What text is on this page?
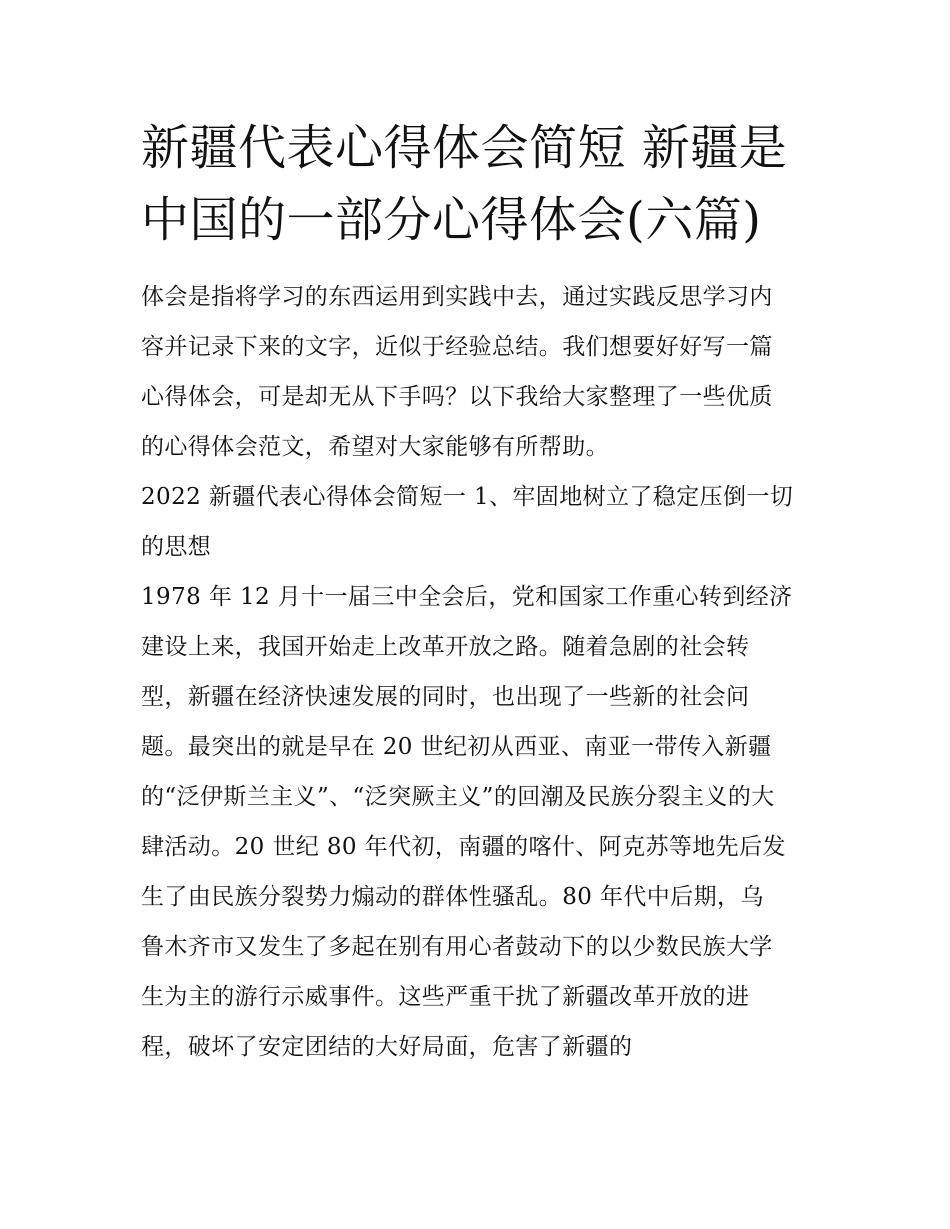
新疆代表心得体会简短 新疆是
中国的一部分心得体会(六篇)

体会是指将学习的东西运用到实践中去，通过实践反思学习内
容并记录下来的文字，近似于经验总结。我们想要好好写一篇
心得体会，可是却无从下手吗？以下我给大家整理了一些优质
的心得体会范文，希望对大家能够有所帮助。

2022 新疆代表心得体会简短一 1、牢固地树立了稳定压倒一切
的思想

1978 年 12 月十一届三中全会后，党和国家工作重心转到经济
建设上来，我国开始走上改革开放之路。随着急剧的社会转
型，新疆在经济快速发展的同时，也出现了一些新的社会问
题。最突出的就是早在 20 世纪初从西亚、南亚一带传入新疆
的“泛伊斯兰主义”、“泛突厥主义”的回潮及民族分裂主义的大
肆活动。20 世纪 80 年代初，南疆的喀什、阿克苏等地先后发
生了由民族分裂势力煽动的群体性骚乱。80 年代中后期，乌
鲁木齐市又发生了多起在别有用心者鼓动下的以少数民族大学
生为主的游行示威事件。这些严重干扰了新疆改革开放的进
程，破坏了安定团结的大好局面，危害了新疆的
